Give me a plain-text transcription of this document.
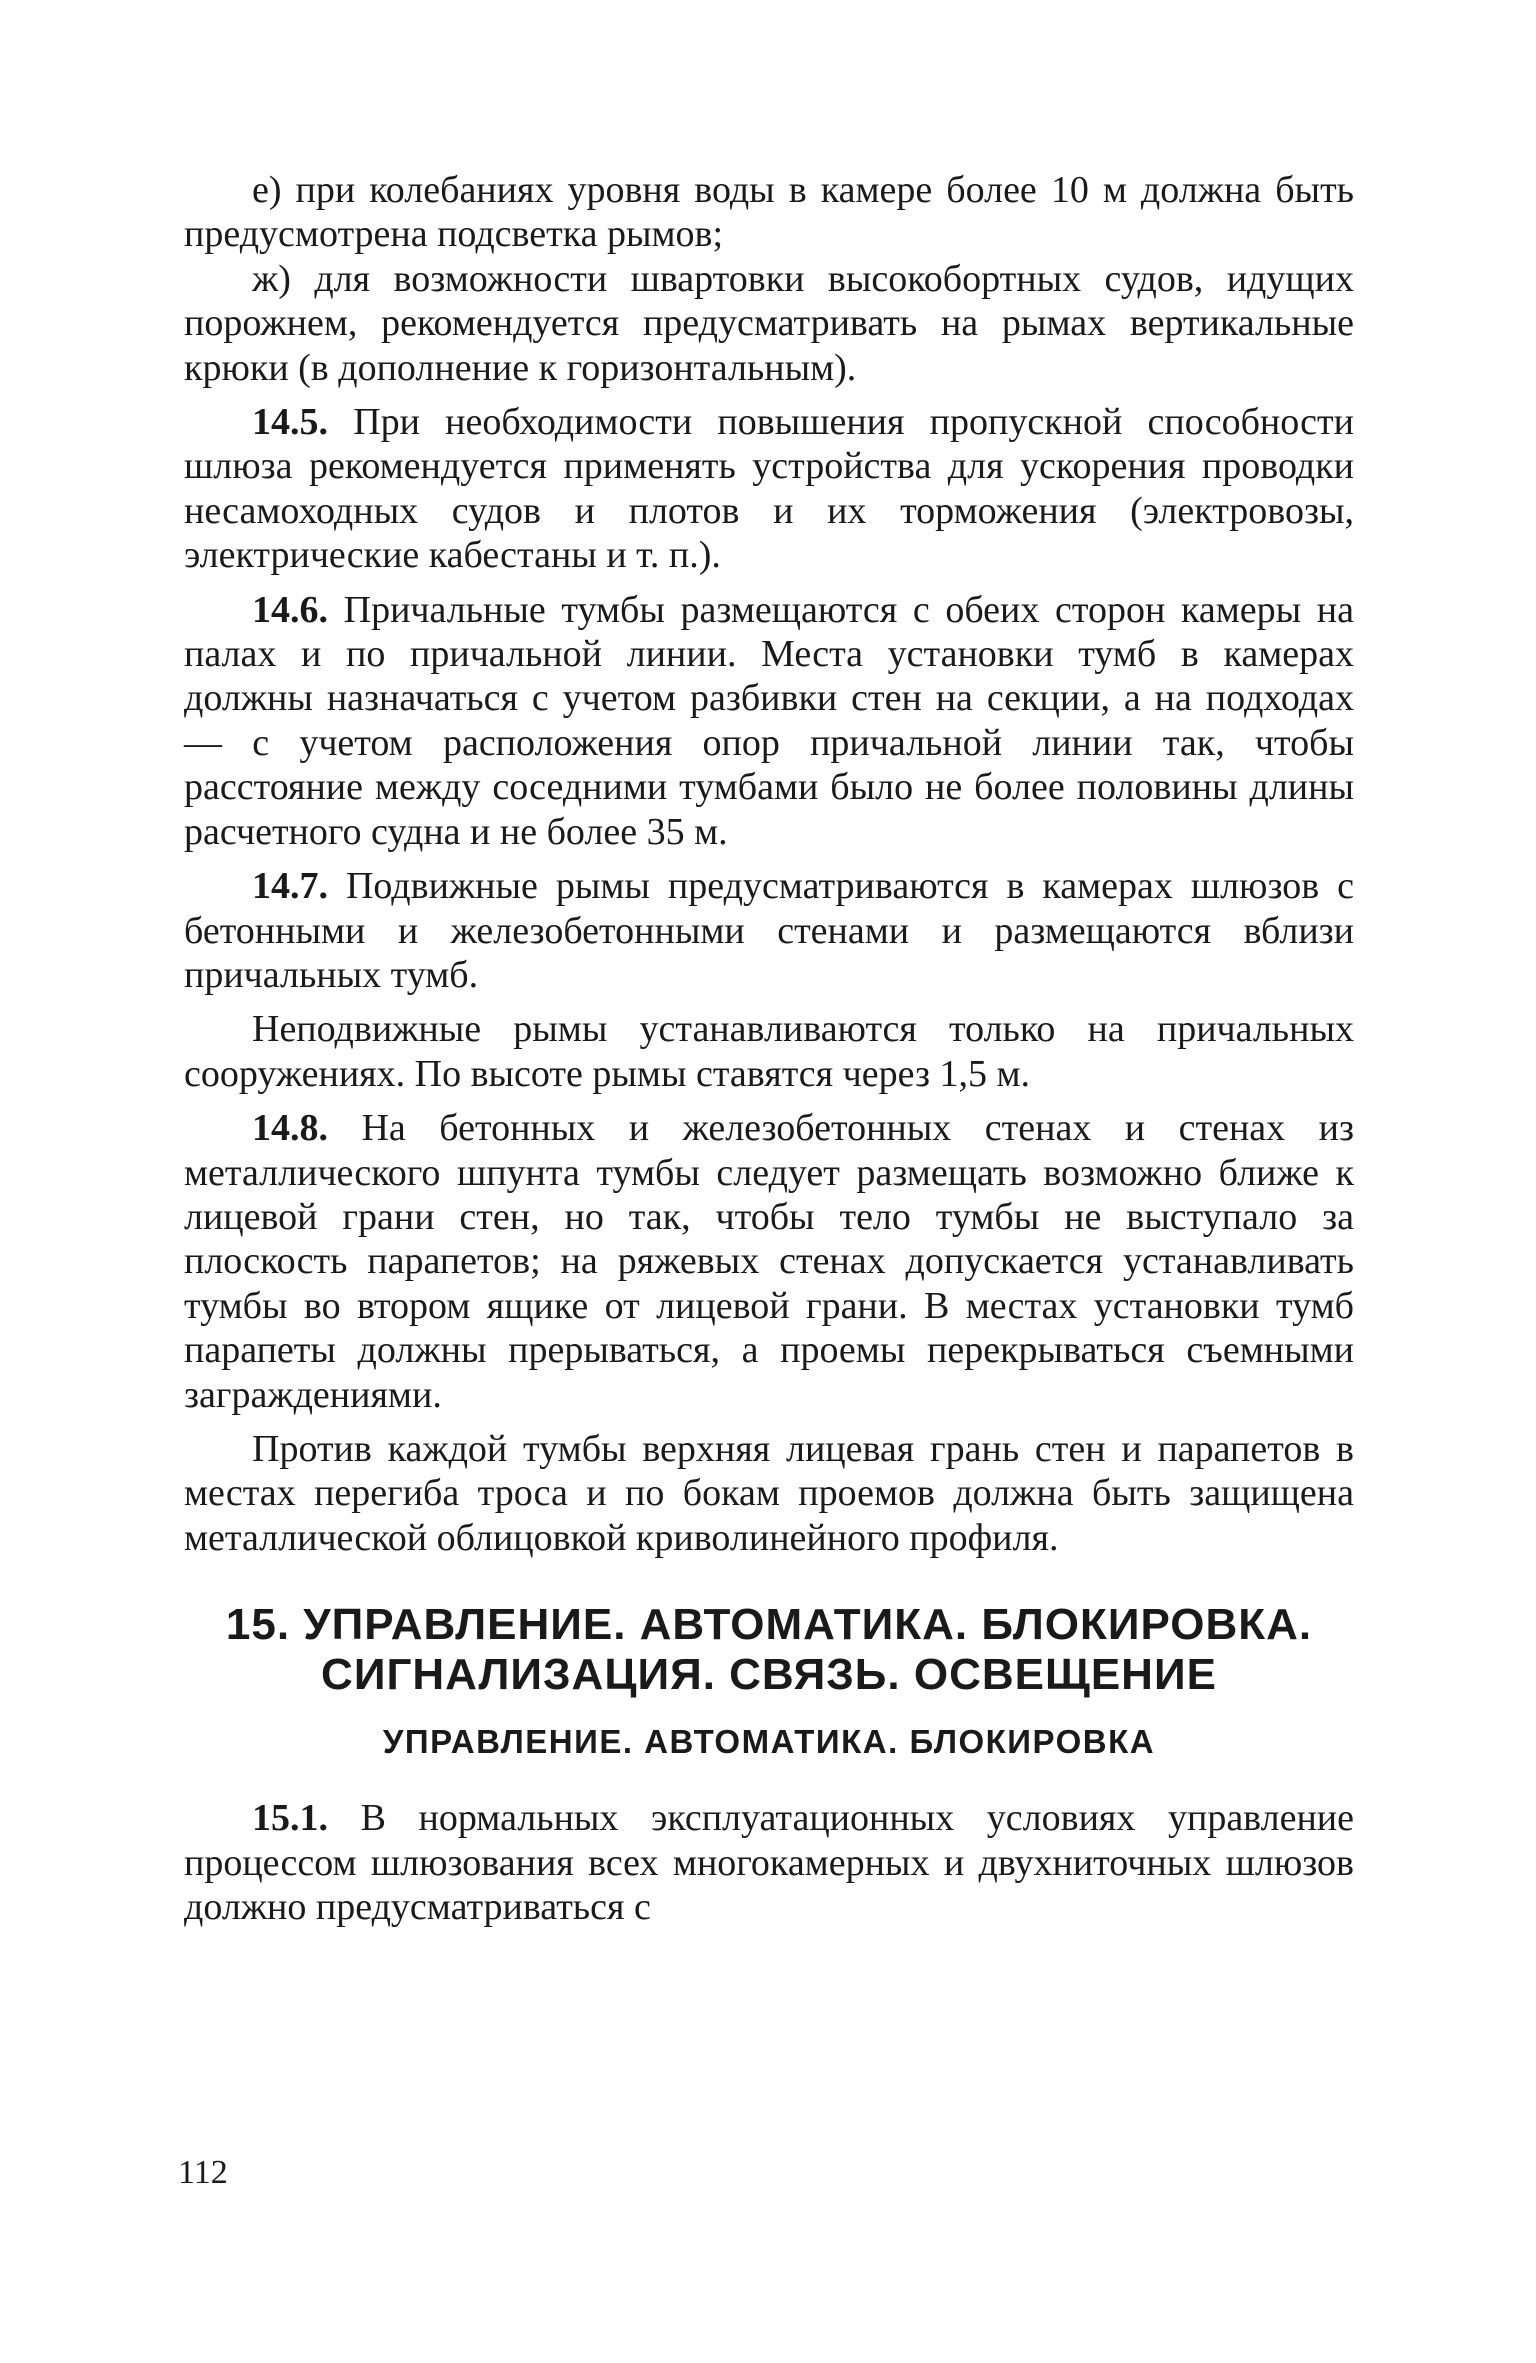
е) при колебаниях уровня воды в камере более 10 м должна быть предусмотрена подсветка рымов;

ж) для возможности швартовки высокобортных судов, идущих порожнем, рекомендуется предусматривать на рымах вертикальные крюки (в дополнение к горизонтальным).

14.5. При необходимости повышения пропускной способности шлюза рекомендуется применять устройства для ускорения проводки несамоходных судов и плотов и их торможения (электровозы, электрические кабестаны и т. п.).

14.6. Причальные тумбы размещаются с обеих сторон камеры на палах и по причальной линии. Места установки тумб в камерах должны назначаться с учетом разбивки стен на секции, а на подходах — с учетом расположения опор причальной линии так, чтобы расстояние между соседними тумбами было не более половины длины расчетного судна и не более 35 м.

14.7. Подвижные рымы предусматриваются в камерах шлюзов с бетонными и железобетонными стенами и размещаются вблизи причальных тумб.

Неподвижные рымы устанавливаются только на причальных сооружениях. По высоте рымы ставятся через 1,5 м.

14.8. На бетонных и железобетонных стенах и стенах из металлического шпунта тумбы следует размещать возможно ближе к лицевой грани стен, но так, чтобы тело тумбы не выступало за плоскость парапетов; на ряжевых стенах допускается устанавливать тумбы во втором ящике от лицевой грани. В местах установки тумб парапеты должны прерываться, а проемы перекрываться съемными заграждениями.

Против каждой тумбы верхняя лицевая грань стен и парапетов в местах перегиба троса и по бокам проемов должна быть защищена металлической облицовкой криволинейного профиля.

15. УПРАВЛЕНИЕ. АВТОМАТИКА. БЛОКИРОВКА.
СИГНАЛИЗАЦИЯ. СВЯЗЬ. ОСВЕЩЕНИЕ
УПРАВЛЕНИЕ. АВТОМАТИКА. БЛОКИРОВКА

15.1. В нормальных эксплуатационных условиях управление процессом шлюзования всех многокамерных и двухниточных шлюзов должно предусматриваться с

112
